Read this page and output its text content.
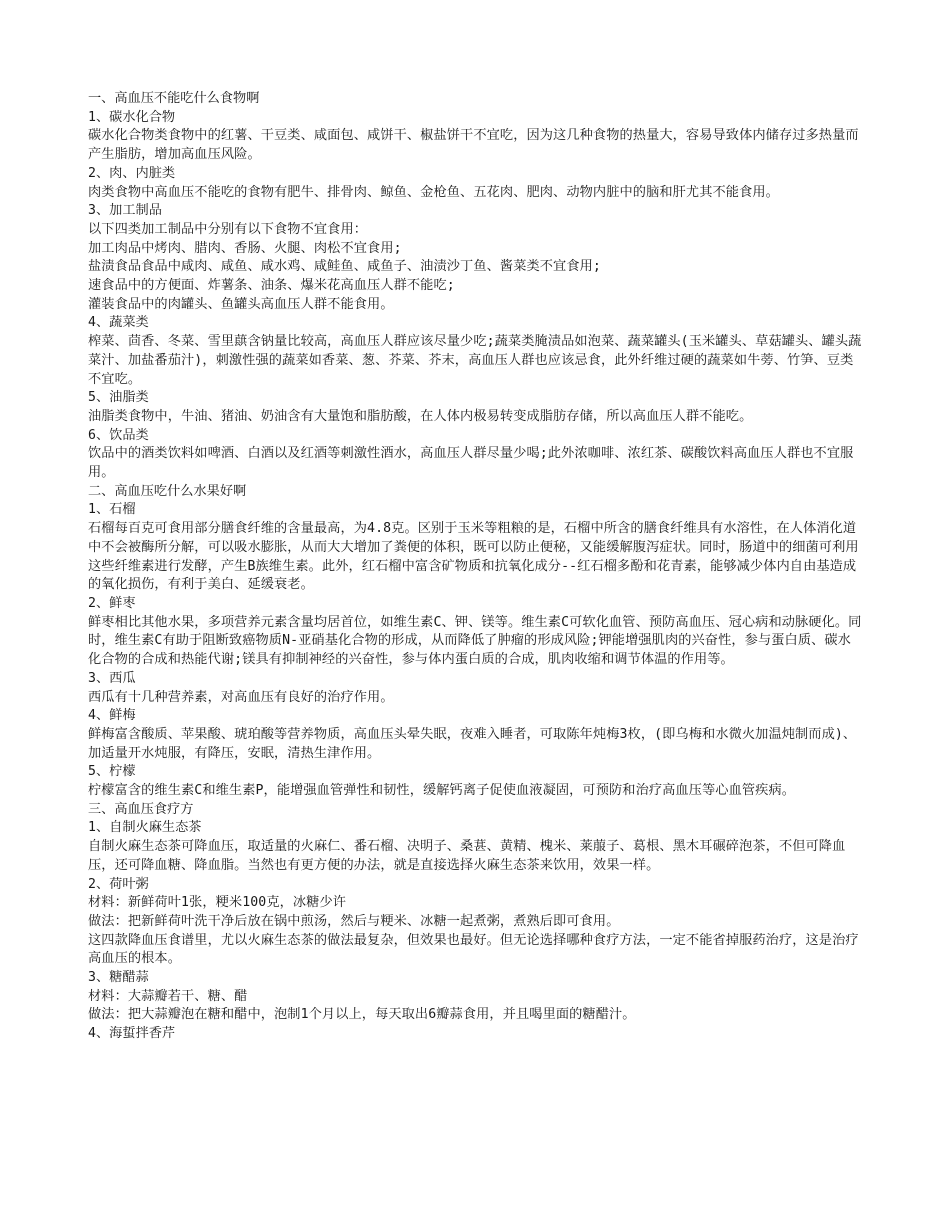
一、高血压不能吃什么食物啊

1、碳水化合物

碳水化合物类食物中的红薯、干豆类、咸面包、咸饼干、椒盐饼干不宜吃，因为这几种食物的热量大，容易导致体内储存过多热量而产生脂肪，增加高血压风险。

2、肉、内脏类

肉类食物中高血压不能吃的食物有肥牛、排骨肉、鲸鱼、金枪鱼、五花肉、肥肉、动物内脏中的脑和肝尤其不能食用。

3、加工制品

以下四类加工制品中分别有以下食物不宜食用：

加工肉品中烤肉、腊肉、香肠、火腿、肉松不宜食用;

盐渍食品食品中咸肉、咸鱼、咸水鸡、咸鲑鱼、咸鱼子、油渍沙丁鱼、酱菜类不宜食用;

速食品中的方便面、炸薯条、油条、爆米花高血压人群不能吃;

灌装食品中的肉罐头、鱼罐头高血压人群不能食用。

4、蔬菜类

榨菜、茴香、冬菜、雪里蕻含钠量比较高，高血压人群应该尽量少吃;蔬菜类腌渍品如泡菜、蔬菜罐头(玉米罐头、草菇罐头、罐头蔬菜汁、加盐番茄汁)，刺激性强的蔬菜如香菜、葱、芥菜、芥末，高血压人群也应该忌食，此外纤维过硬的蔬菜如牛蒡、竹笋、豆类不宜吃。

5、油脂类

油脂类食物中，牛油、猪油、奶油含有大量饱和脂肪酸，在人体内极易转变成脂肪存储，所以高血压人群不能吃。

6、饮品类

饮品中的酒类饮料如啤酒、白酒以及红酒等刺激性酒水，高血压人群尽量少喝;此外浓咖啡、浓红茶、碳酸饮料高血压人群也不宜服用。

二、高血压吃什么水果好啊

1、石榴

石榴每百克可食用部分膳食纤维的含量最高，为4.8克。区别于玉米等粗粮的是，石榴中所含的膳食纤维具有水溶性，在人体消化道中不会被酶所分解，可以吸水膨胀，从而大大增加了粪便的体积，既可以防止便秘，又能缓解腹泻症状。同时，肠道中的细菌可利用这些纤维素进行发酵，产生B族维生素。此外，红石榴中富含矿物质和抗氧化成分--红石榴多酚和花青素，能够减少体内自由基造成的氧化损伤，有利于美白、延缓衰老。

2、鲜枣

鲜枣相比其他水果，多项营养元素含量均居首位，如维生素C、钾、镁等。维生素C可软化血管、预防高血压、冠心病和动脉硬化。同时，维生素C有助于阻断致癌物质N-亚硝基化合物的形成，从而降低了肿瘤的形成风险;钾能增强肌肉的兴奋性，参与蛋白质、碳水化合物的合成和热能代谢;镁具有抑制神经的兴奋性，参与体内蛋白质的合成，肌肉收缩和调节体温的作用等。

3、西瓜

西瓜有十几种营养素，对高血压有良好的治疗作用。

4、鲜梅

鲜梅富含酸质、苹果酸、琥珀酸等营养物质，高血压头晕失眠，夜难入睡者，可取陈年炖梅3枚，(即乌梅和水微火加温炖制而成)、加适量开水炖服，有降压，安眠，清热生津作用。

5、柠檬

柠檬富含的维生素C和维生素P，能增强血管弹性和韧性，缓解钙离子促使血液凝固，可预防和治疗高血压等心血管疾病。

三、高血压食疗方

1、自制火麻生态茶

自制火麻生态茶可降血压，取适量的火麻仁、番石榴、决明子、桑葚、黄精、槐米、莱菔子、葛根、黑木耳碾碎泡茶，不但可降血压，还可降血糖、降血脂。当然也有更方便的办法，就是直接选择火麻生态茶来饮用，效果一样。

2、荷叶粥

材料：新鲜荷叶1张，粳米100克，冰糖少许

做法：把新鲜荷叶洗干净后放在锅中煎汤，然后与粳米、冰糖一起煮粥，煮熟后即可食用。

这四款降血压食谱里，尤以火麻生态茶的做法最复杂，但效果也最好。但无论选择哪种食疗方法，一定不能省掉服药治疗，这是治疗高血压的根本。

3、糖醋蒜

材料：大蒜瓣若干、糖、醋

做法：把大蒜瓣泡在糖和醋中，泡制1个月以上，每天取出6瓣蒜食用，并且喝里面的糖醋汁。

4、海蜇拌香芹
